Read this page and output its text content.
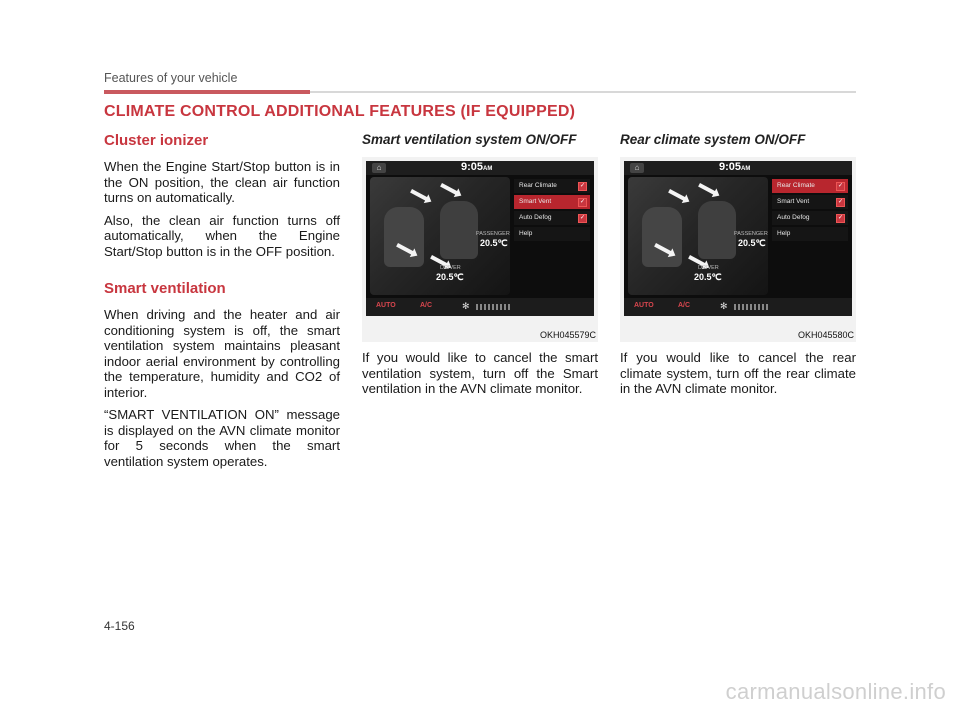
Features of your vehicle
CLIMATE CONTROL ADDITIONAL FEATURES (IF EQUIPPED)
Cluster ionizer

When the Engine Start/Stop button is in the ON position, the clean air function turns on automatically.

Also, the clean air function turns off automatically, when the Engine Start/Stop button is in the OFF position.

Smart ventilation

When driving and the heater and air conditioning system is off, the smart ventilation system maintains pleasant indoor aerial environment by controlling the temperature, humidity and CO2 of interior.

“SMART VENTILATION ON” message is displayed on the AVN climate monitor for 5 seconds when the smart ventilation system operates.

Smart ventilation system ON/OFF
⌂	9:05AM
PASSENGER
20.5℃
DRIVER
20.5℃
Rear Climate	✓
Smart Vent	✓
Auto Defog	✓
Help
AUTO	A/C	✻
OKH045579C

If you would like to cancel the smart ventilation system, turn off the Smart ventilation in the AVN climate monitor.

Rear climate system ON/OFF
⌂	9:05AM
PASSENGER
20.5℃
DRIVER
20.5℃
Rear Climate	✓
Smart Vent	✓
Auto Defog	✓
Help
AUTO	A/C	✻
OKH045580C

If you would like to cancel the rear climate system, turn off the rear climate in the AVN climate monitor.

4-156
carmanualsonline.info
